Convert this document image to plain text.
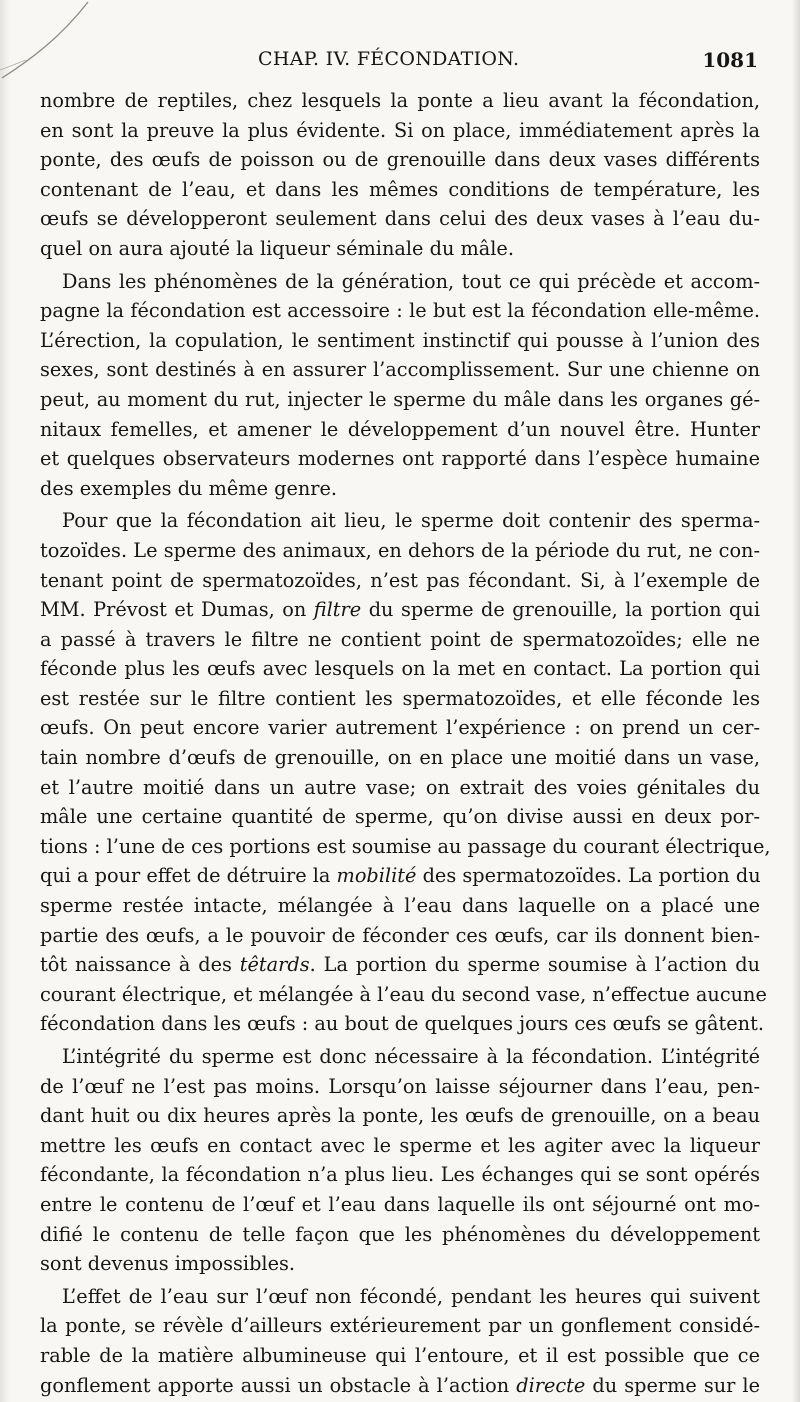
CHAP. IV. FÉCONDATION.	1081
nombre de reptiles, chez lesquels la ponte a lieu avant la fécondation,
en sont la preuve la plus évidente. Si on place, immédiatement après la
ponte, des œufs de poisson ou de grenouille dans deux vases différents
contenant de l’eau, et dans les mêmes conditions de température, les
œufs se développeront seulement dans celui des deux vases à l’eau du-
quel on aura ajouté la liqueur séminale du mâle.
Dans les phénomènes de la génération, tout ce qui précède et accom-
pagne la fécondation est accessoire : le but est la fécondation elle-même.
L’érection, la copulation, le sentiment instinctif qui pousse à l’union des
sexes, sont destinés à en assurer l’accomplissement. Sur une chienne on
peut, au moment du rut, injecter le sperme du mâle dans les organes gé-
nitaux femelles, et amener le développement d’un nouvel être. Hunter
et quelques observateurs modernes ont rapporté dans l’espèce humaine
des exemples du même genre.
Pour que la fécondation ait lieu, le sperme doit contenir des sperma-
tozoïdes. Le sperme des animaux, en dehors de la période du rut, ne con-
tenant point de spermatozoïdes, n’est pas fécondant. Si, à l’exemple de
MM. Prévost et Dumas, on filtre du sperme de grenouille, la portion qui
a passé à travers le filtre ne contient point de spermatozoïdes; elle ne
féconde plus les œufs avec lesquels on la met en contact. La portion qui
est restée sur le filtre contient les spermatozoïdes, et elle féconde les
œufs. On peut encore varier autrement l’expérience : on prend un cer-
tain nombre d’œufs de grenouille, on en place une moitié dans un vase,
et l’autre moitié dans un autre vase; on extrait des voies génitales du
mâle une certaine quantité de sperme, qu’on divise aussi en deux por-
tions : l’une de ces portions est soumise au passage du courant électrique,
qui a pour effet de détruire la mobilité des spermatozoïdes. La portion du
sperme restée intacte, mélangée à l’eau dans laquelle on a placé une
partie des œufs, a le pouvoir de féconder ces œufs, car ils donnent bien-
tôt naissance à des têtards. La portion du sperme soumise à l’action du
courant électrique, et mélangée à l’eau du second vase, n’effectue aucune
fécondation dans les œufs : au bout de quelques jours ces œufs se gâtent.
L’intégrité du sperme est donc nécessaire à la fécondation. L’intégrité
de l’œuf ne l’est pas moins. Lorsqu’on laisse séjourner dans l’eau, pen-
dant huit ou dix heures après la ponte, les œufs de grenouille, on a beau
mettre les œufs en contact avec le sperme et les agiter avec la liqueur
fécondante, la fécondation n’a plus lieu. Les échanges qui se sont opérés
entre le contenu de l’œuf et l’eau dans laquelle ils ont séjourné ont mo-
difié le contenu de telle façon que les phénomènes du développement
sont devenus impossibles.
L’effet de l’eau sur l’œuf non fécondé, pendant les heures qui suivent
la ponte, se révèle d’ailleurs extérieurement par un gonflement considé-
rable de la matière albumineuse qui l’entoure, et il est possible que ce
gonflement apporte aussi un obstacle à l’action directe du sperme sur le
